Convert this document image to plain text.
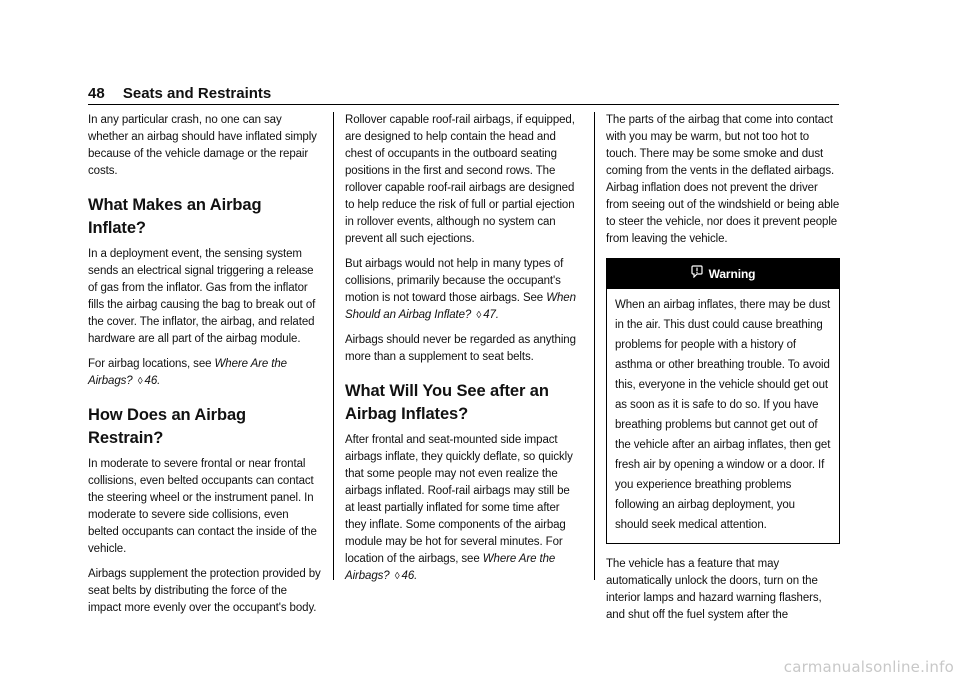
48 Seats and Restraints

In any particular crash, no one can say whether an airbag should have inflated simply because of the vehicle damage or the repair costs.

What Makes an Airbag Inflate?

In a deployment event, the sensing system sends an electrical signal triggering a release of gas from the inflator. Gas from the inflator fills the airbag causing the bag to break out of the cover. The inflator, the airbag, and related hardware are all part of the airbag module.

For airbag locations, see Where Are the Airbags? ◊ 46.

How Does an Airbag Restrain?

In moderate to severe frontal or near frontal collisions, even belted occupants can contact the steering wheel or the instrument panel. In moderate to severe side collisions, even belted occupants can contact the inside of the vehicle.

Airbags supplement the protection provided by seat belts by distributing the force of the impact more evenly over the occupant's body.

Rollover capable roof-rail airbags, if equipped, are designed to help contain the head and chest of occupants in the outboard seating positions in the first and second rows. The rollover capable roof-rail airbags are designed to help reduce the risk of full or partial ejection in rollover events, although no system can prevent all such ejections.

But airbags would not help in many types of collisions, primarily because the occupant's motion is not toward those airbags. See When Should an Airbag Inflate? ◊ 47.

Airbags should never be regarded as anything more than a supplement to seat belts.

What Will You See after an Airbag Inflates?

After frontal and seat-mounted side impact airbags inflate, they quickly deflate, so quickly that some people may not even realize the airbags inflated. Roof-rail airbags may still be at least partially inflated for some time after they inflate. Some components of the airbag module may be hot for several minutes. For location of the airbags, see Where Are the Airbags? ◊ 46.

The parts of the airbag that come into contact with you may be warm, but not too hot to touch. There may be some smoke and dust coming from the vents in the deflated airbags. Airbag inflation does not prevent the driver from seeing out of the windshield or being able to steer the vehicle, nor does it prevent people from leaving the vehicle.

Warning
When an airbag inflates, there may be dust in the air. This dust could cause breathing problems for people with a history of asthma or other breathing trouble. To avoid this, everyone in the vehicle should get out as soon as it is safe to do so. If you have breathing problems but cannot get out of the vehicle after an airbag inflates, then get fresh air by opening a window or a door. If you experience breathing problems following an airbag deployment, you should seek medical attention.

The vehicle has a feature that may automatically unlock the doors, turn on the interior lamps and hazard warning flashers, and shut off the fuel system after the

carmanualsonline.info
